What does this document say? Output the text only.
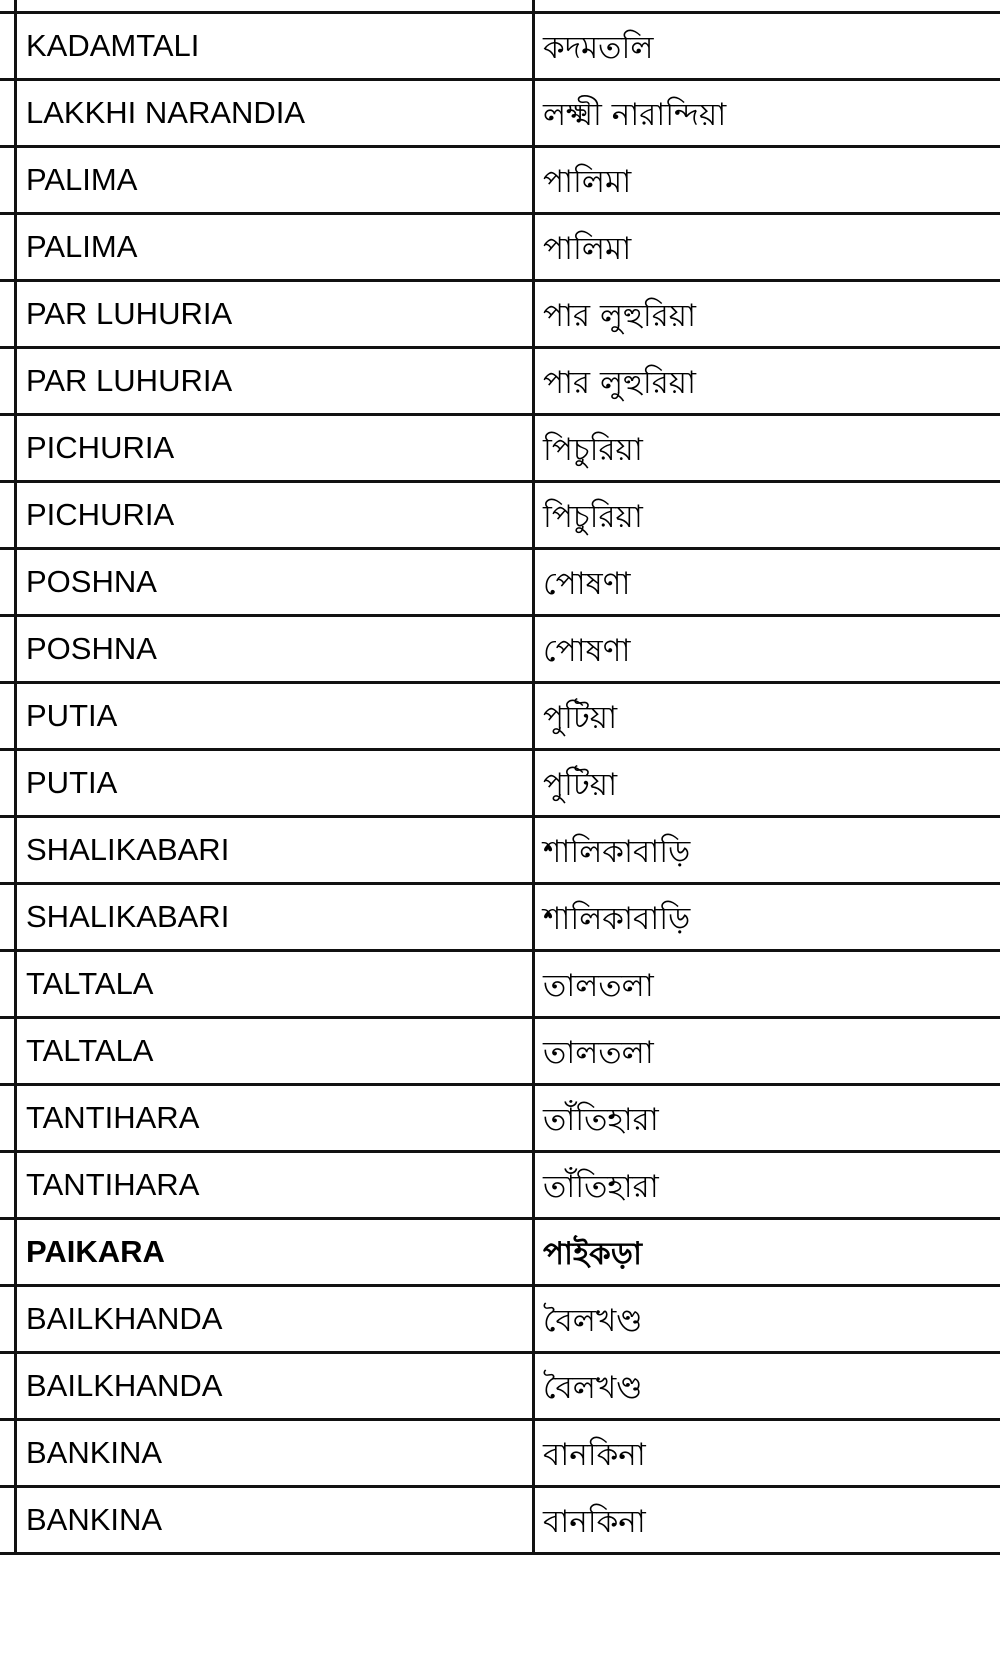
	KADAMTALI	কদমতলি	
	LAKKHI NARANDIA	লক্ষ্মী নারান্দিয়া	
	PALIMA	পালিমা	
	PALIMA	পালিমা	
	PAR LUHURIA	পার লুহুরিয়া	
	PAR LUHURIA	পার লুহুরিয়া	
	PICHURIA	পিচুরিয়া	
	PICHURIA	পিচুরিয়া	
	POSHNA	পোষণা	
	POSHNA	পোষণা	
	PUTIA	পুটিয়া	
	PUTIA	পুটিয়া	
	SHALIKABARI	শালিকাবাড়ি	
	SHALIKABARI	শালিকাবাড়ি	
	TALTALA	তালতলা	
	TALTALA	তালতলা	
	TANTIHARA	তাঁতিহারা	
	TANTIHARA	তাঁতিহারা	
	PAIKARA	পাইকড়া	
	BAILKHANDA	বৈলখণ্ড	
	BAILKHANDA	বৈলখণ্ড	
	BANKINA	বানকিনা	
	BANKINA	বানকিনা	
